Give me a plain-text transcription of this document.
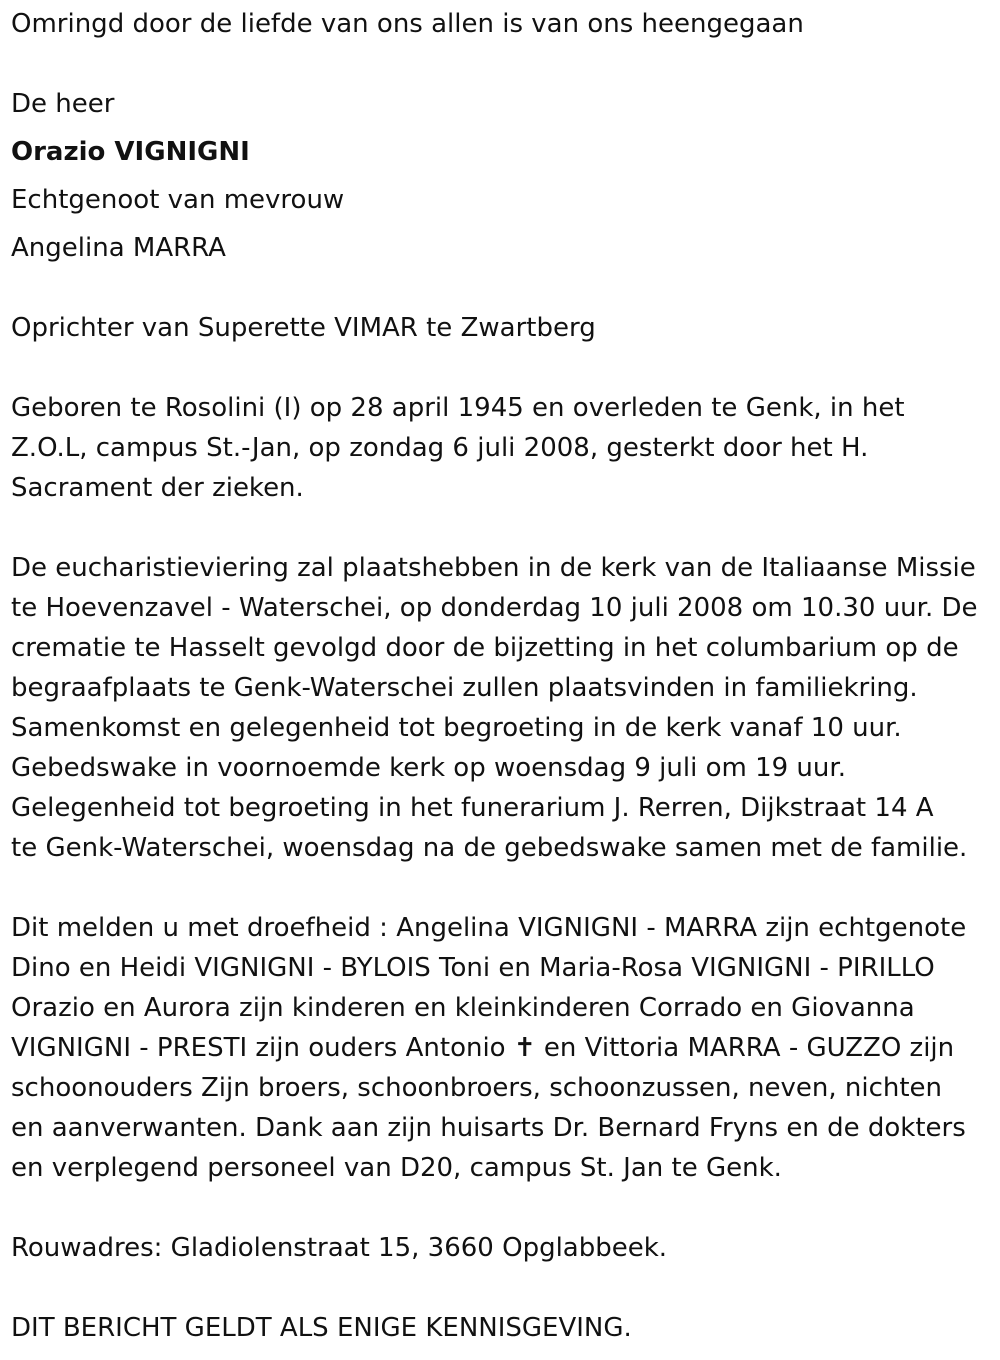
Omringd door de liefde van ons allen is van ons heengegaan

De heer

Orazio VIGNIGNI

Echtgenoot van mevrouw

Angelina MARRA

Oprichter van Superette VIMAR te Zwartberg

Geboren te Rosolini (I) op 28 april 1945 en overleden te Genk, in het

Z.O.L, campus St.-Jan, op zondag 6 juli 2008, gesterkt door het H.

Sacrament der zieken.

De eucharistieviering zal plaatshebben in de kerk van de Italiaanse Missie

te Hoevenzavel - Waterschei, op donderdag 10 juli 2008 om 10.30 uur. De

crematie te Hasselt gevolgd door de bijzetting in het columbarium op de

begraafplaats te Genk-Waterschei zullen plaatsvinden in familiekring.

Samenkomst en gelegenheid tot begroeting in de kerk vanaf 10 uur.

Gebedswake in voornoemde kerk op woensdag 9 juli om 19 uur.

Gelegenheid tot begroeting in het funerarium J. Rerren, Dijkstraat 14 A

te Genk-Waterschei, woensdag na de gebedswake samen met de familie.

Dit melden u met droefheid : Angelina VIGNIGNI - MARRA zijn echtgenote

Dino en Heidi VIGNIGNI - BYLOIS Toni en Maria-Rosa VIGNIGNI - PIRILLO

Orazio en Aurora zijn kinderen en kleinkinderen Corrado en Giovanna

VIGNIGNI - PRESTI zijn ouders Antonio ✝ en Vittoria MARRA - GUZZO zijn

schoonouders Zijn broers, schoonbroers, schoonzussen, neven, nichten

en aanverwanten. Dank aan zijn huisarts Dr. Bernard Fryns en de dokters

en verplegend personeel van D20, campus St. Jan te Genk.

Rouwadres: Gladiolenstraat 15, 3660 Opglabbeek.

DIT BERICHT GELDT ALS ENIGE KENNISGEVING.
